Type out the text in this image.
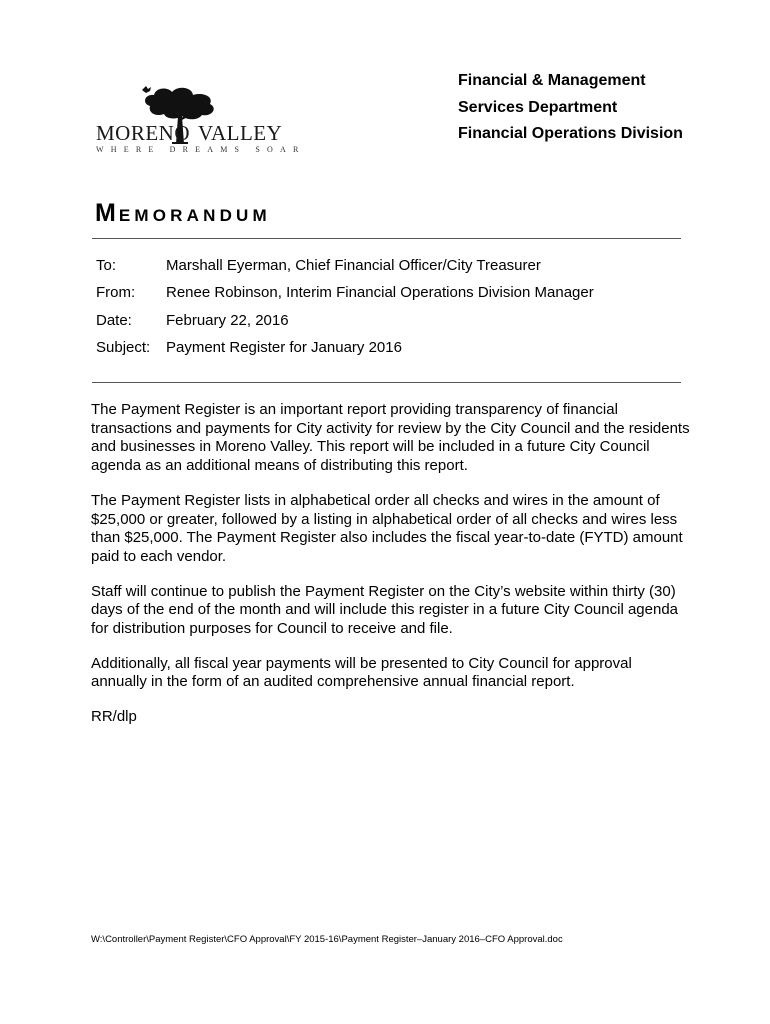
MORENO VALLEY
WHERE DREAMS SOAR
Financial & Management
Services Department
Financial Operations Division
MEMORANDUM
To:	Marshall Eyerman, Chief Financial Officer/City Treasurer
From: Renee Robinson, Interim Financial Operations Division Manager
Date: February 22, 2016
Subject: Payment Register for January 2016

The Payment Register is an important report providing transparency of financial transactions and payments for City activity for review by the City Council and the residents and businesses in Moreno Valley. This report will be included in a future City Council agenda as an additional means of distributing this report.

The Payment Register lists in alphabetical order all checks and wires in the amount of $25,000 or greater, followed by a listing in alphabetical order of all checks and wires less than $25,000. The Payment Register also includes the fiscal year-to-date (FYTD) amount paid to each vendor.

Staff will continue to publish the Payment Register on the City’s website within thirty (30) days of the end of the month and will include this register in a future City Council agenda for distribution purposes for Council to receive and file.

Additionally, all fiscal year payments will be presented to City Council for approval annually in the form of an audited comprehensive annual financial report.

RR/dlp

W:\Controller\Payment Register\CFO Approval\FY 2015-16\Payment Register–January 2016–CFO Approval.doc
